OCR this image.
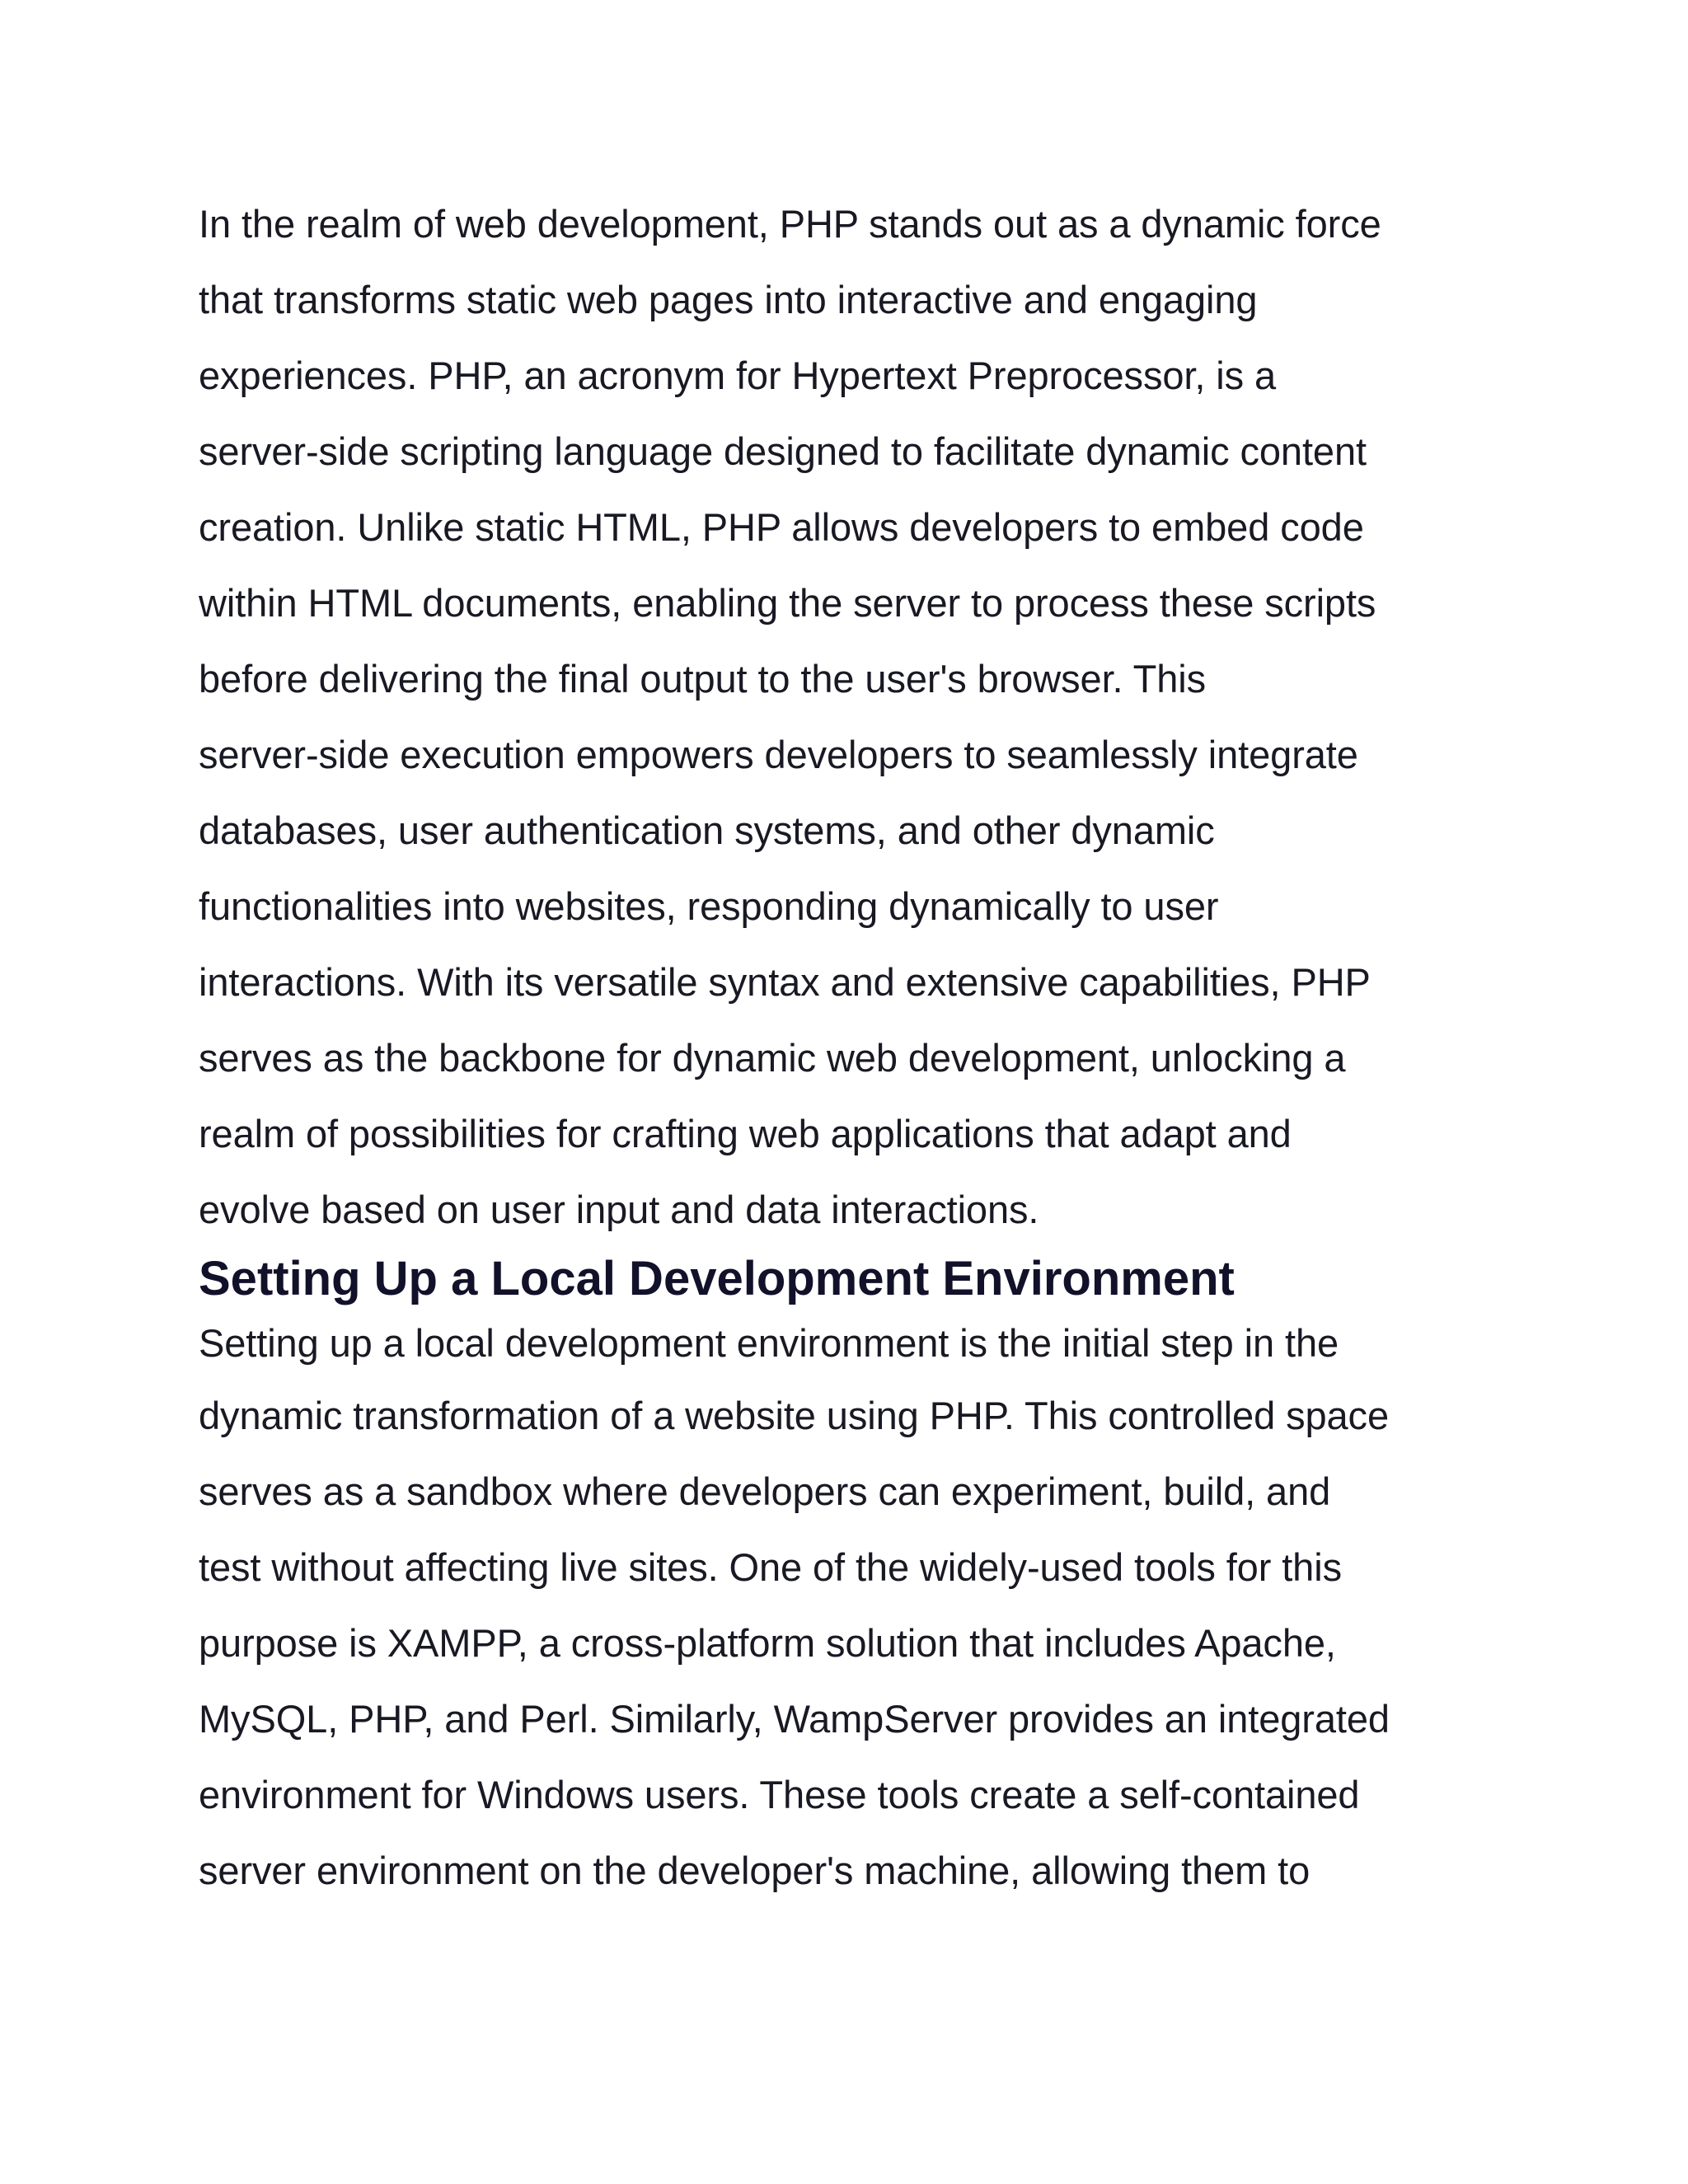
In the realm of web development, PHP stands out as a dynamic force
that transforms static web pages into interactive and engaging
experiences. PHP, an acronym for Hypertext Preprocessor, is a
server-side scripting language designed to facilitate dynamic content
creation. Unlike static HTML, PHP allows developers to embed code
within HTML documents, enabling the server to process these scripts
before delivering the final output to the user's browser. This
server-side execution empowers developers to seamlessly integrate
databases, user authentication systems, and other dynamic
functionalities into websites, responding dynamically to user
interactions. With its versatile syntax and extensive capabilities, PHP
serves as the backbone for dynamic web development, unlocking a
realm of possibilities for crafting web applications that adapt and
evolve based on user input and data interactions.
Setting Up a Local Development Environment
Setting up a local development environment is the initial step in the
dynamic transformation of a website using PHP. This controlled space
serves as a sandbox where developers can experiment, build, and
test without affecting live sites. One of the widely-used tools for this
purpose is XAMPP, a cross-platform solution that includes Apache,
MySQL, PHP, and Perl. Similarly, WampServer provides an integrated
environment for Windows users. These tools create a self-contained
server environment on the developer's machine, allowing them to
